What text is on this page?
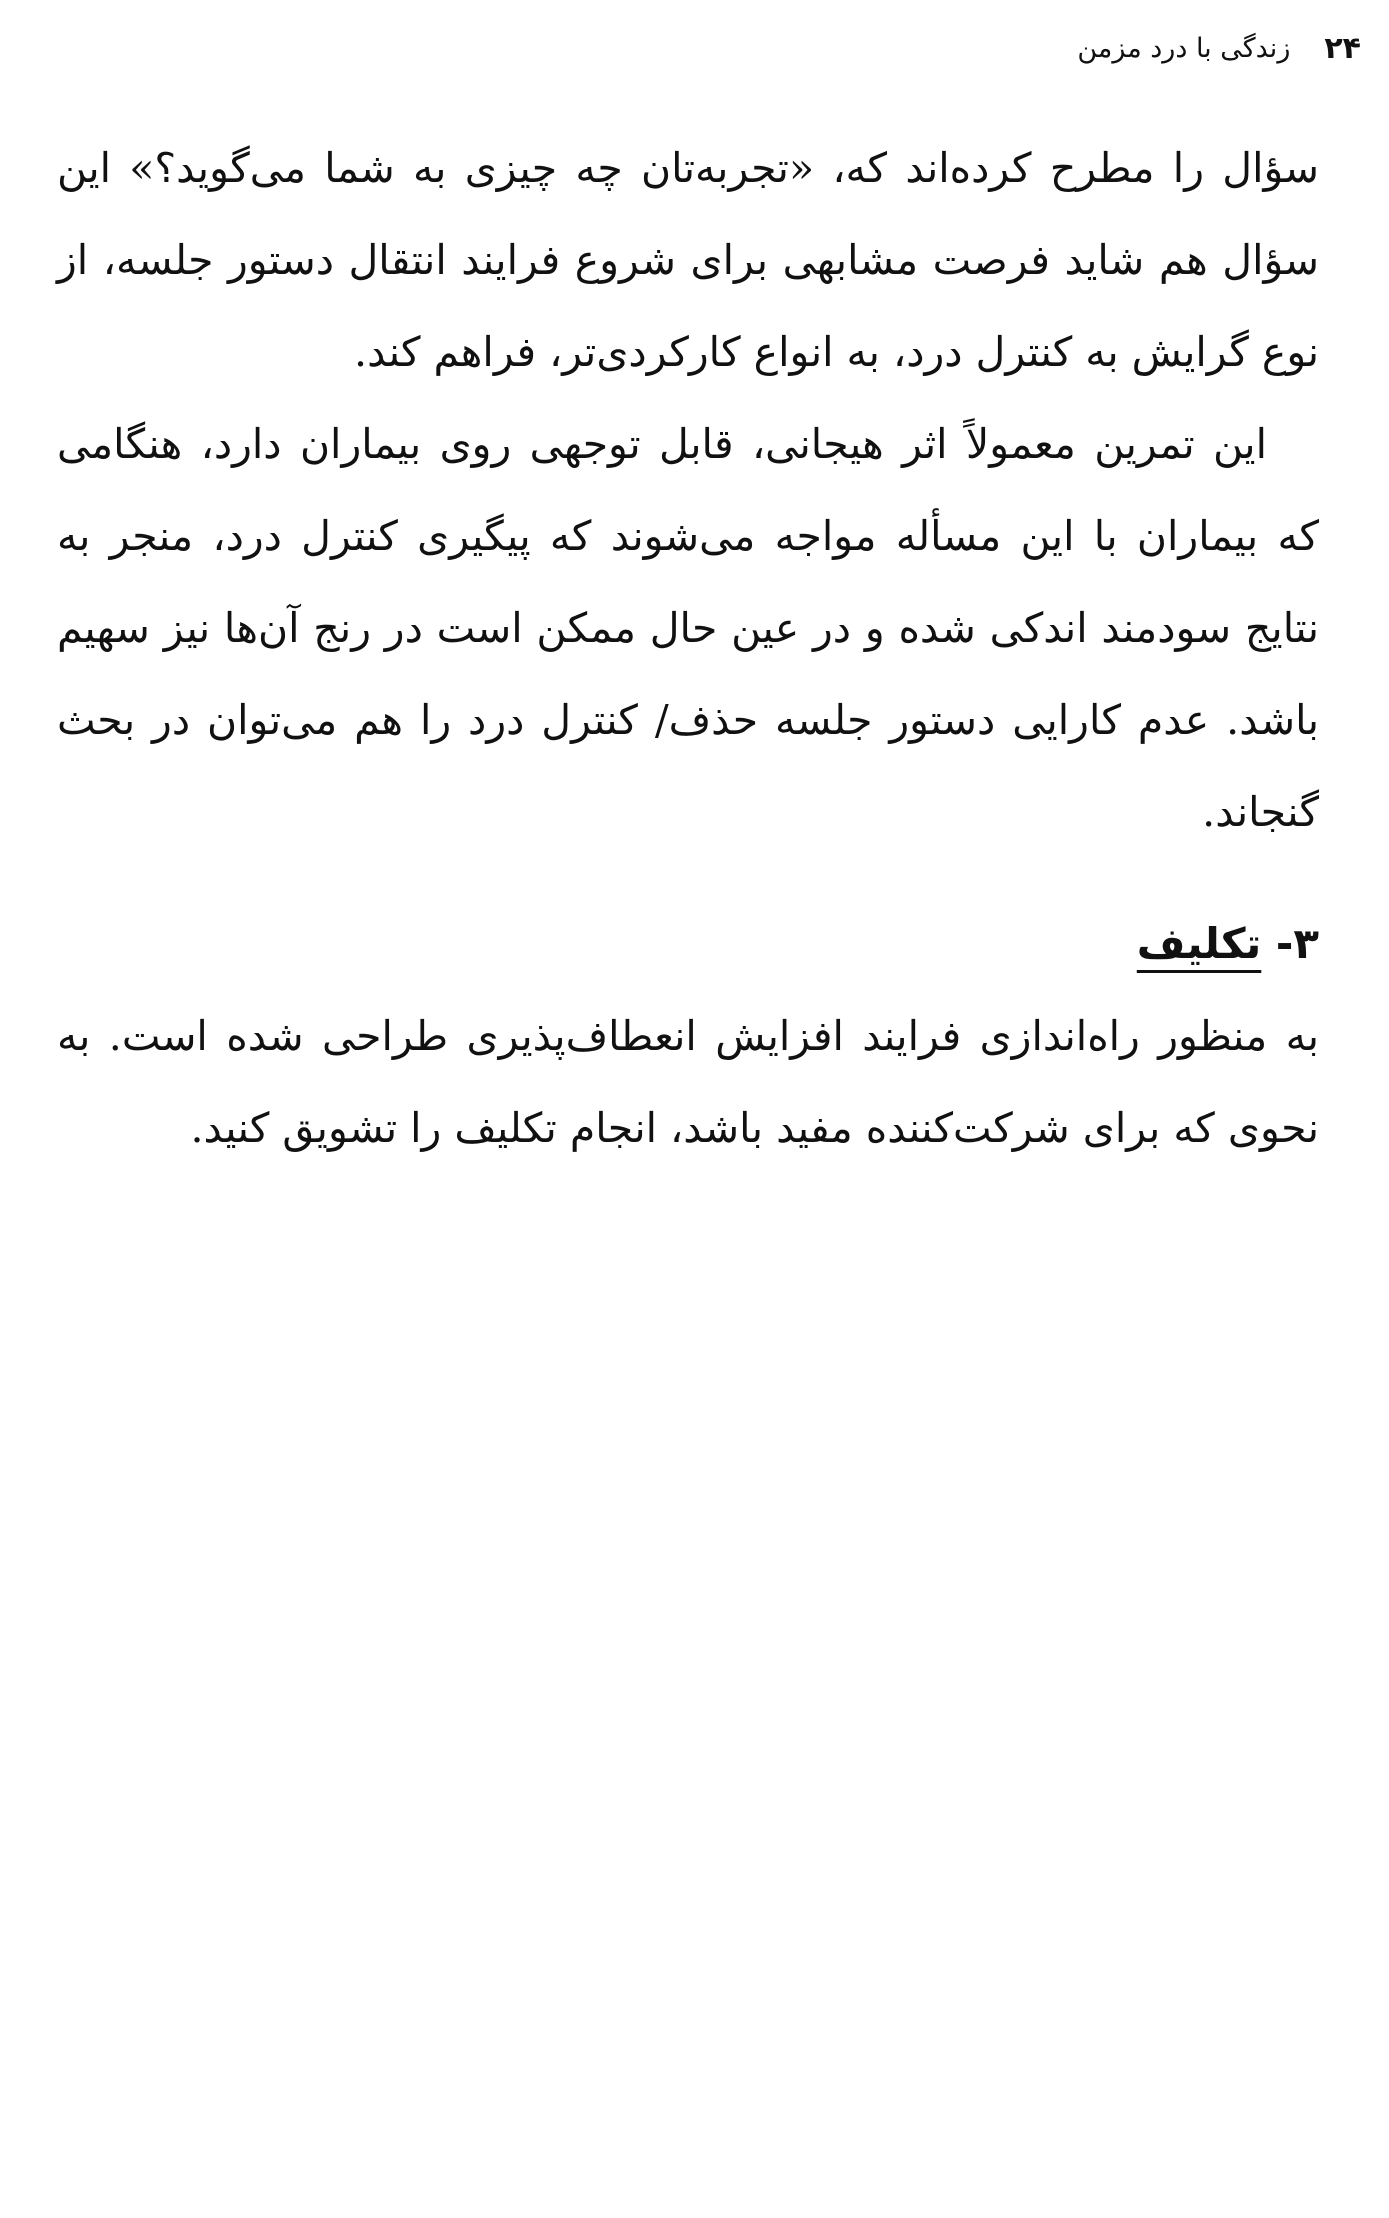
۲۴
زندگی با درد مزمن

سؤال را مطرح کرده‌اند که، «تجربه‌تان چه چیزی به شما می‌گوید؟» این سؤال هم شاید فرصت مشابهی برای شروع فرایند انتقال دستور جلسه، از نوع گرایش به کنترل درد، به انواع کارکردی‌تر، فراهم کند.

این تمرین معمولاً اثر هیجانی، قابل توجهی روی بیماران دارد، هنگامی که بیماران با این مسأله مواجه می‌شوند که پیگیری کنترل درد، منجر به نتایج سودمند اندکی شده و در عین حال ممکن است در رنج آن‌ها نیز سهیم باشد. عدم کارایی دستور جلسه حذف/ کنترل درد را هم می‌توان در بحث گنجاند.

۳- تکلیف

به منظور راه‌اندازی فرایند افزایش انعطاف‌پذیری طراحی شده است. به نحوی که برای شرکت‌کننده مفید باشد، انجام تکلیف را تشویق کنید.
